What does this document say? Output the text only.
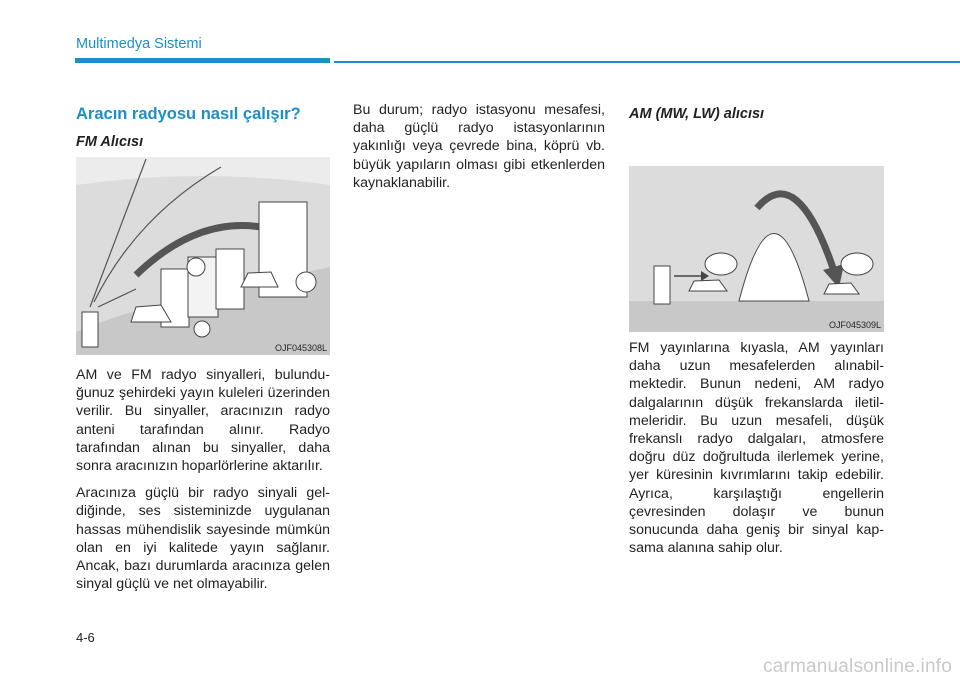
Multimedya Sistemi
Aracın radyosu nasıl çalışır?
FM Alıcısı
OJF045308L

AM ve FM radyo sinyalleri, bulunduğunuz şehirdeki yayın kuleleri üzerinden verilir. Bu sinyaller, aracınızın radyo anteni tarafından alınır. Radyo tarafından alınan bu sinyaller, daha sonra aracınızın hoparlörlerine aktarılır.

Aracınıza güçlü bir radyo sinyali geldiğinde, ses sisteminizde uygulanan hassas mühendislik sayesinde mümkün olan en iyi kalitede yayın sağlanır. Ancak, bazı durumlarda aracınıza gelen sinyal güçlü ve net olmayabilir.

Bu durum; radyo istasyonu mesafesi, daha güçlü radyo istasyonlarının yakınlığı veya çevrede bina, köprü vb. büyük yapıların olması gibi etkenlerden kaynaklanabilir.

AM (MW, LW) alıcısı
OJF045309L

FM yayınlarına kıyasla, AM yayınları daha uzun mesafelerden alınabilmektedir. Bunun nedeni, AM radyo dalgalarının düşük frekanslarda iletilmeleridir. Bu uzun mesafeli, düşük frekanslı radyo dalgaları, atmosfere doğru düz doğrultuda ilerlemek yerine, yer küresinin kıvrımlarını takip edebilir. Ayrıca, karşılaştığı engellerin çevresinden dolaşır ve bunun sonucunda daha geniş bir sinyal kapsama alanına sahip olur.

4-6
carmanualsonline.info
